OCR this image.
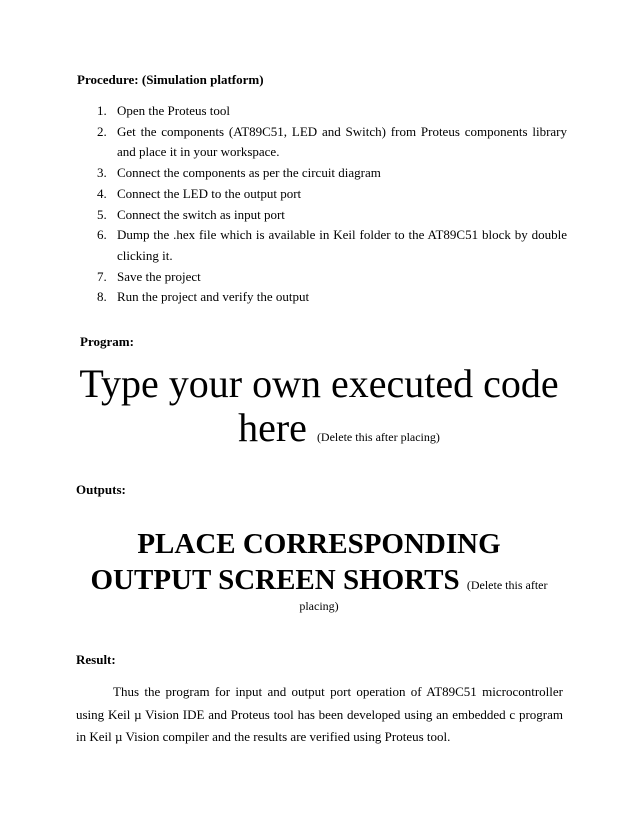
Procedure: (Simulation platform)
1. Open the Proteus tool
2. Get the components (AT89C51, LED and Switch) from Proteus components library and place it in your workspace.
3. Connect the components as per the circuit diagram
4. Connect the LED to the output port
5. Connect the switch as input port
6. Dump the .hex file which is available in Keil folder to the AT89C51 block by double clicking it.
7. Save the project
8. Run the project and verify the output
Program:
Type your own executed code
here (Delete this after placing)
Outputs:
PLACE CORRESPONDING
OUTPUT SCREEN SHORTS (Delete this after
placing)
Result:

Thus the program for input and output port operation of AT89C51 microcontroller using Keil µ Vision IDE and Proteus tool has been developed using an embedded c program in Keil µ Vision compiler and the results are verified using Proteus tool.
